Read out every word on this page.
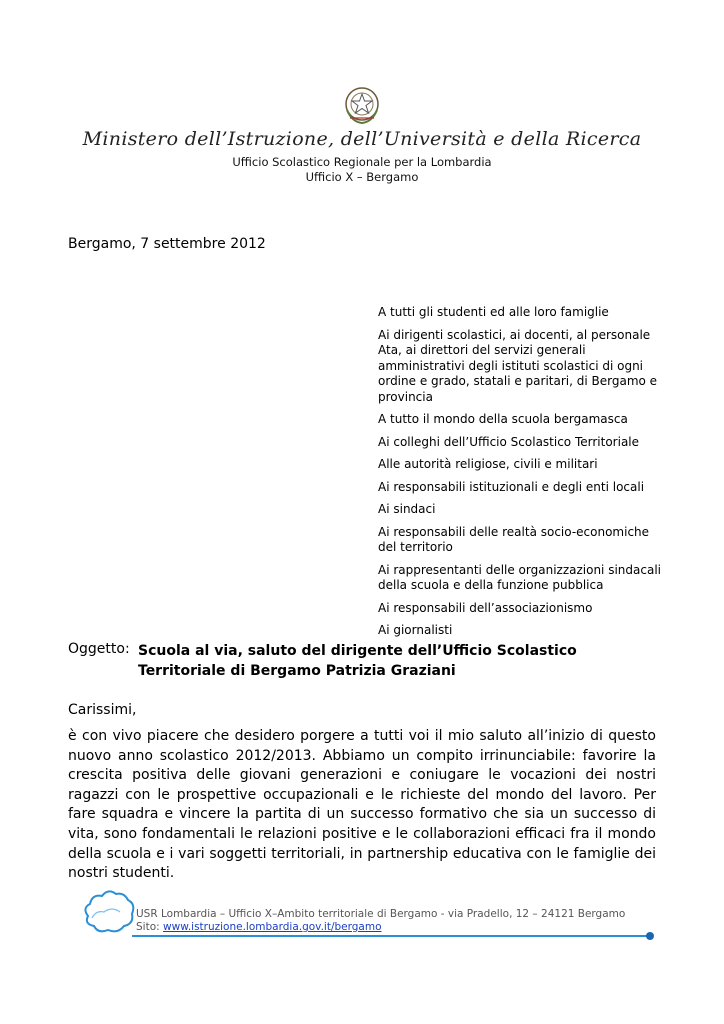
Ministero dell’Istruzione, dell’Università e della Ricerca
Ufficio Scolastico Regionale per la Lombardia
Ufficio X – Bergamo
Bergamo, 7 settembre 2012
A tutti gli studenti ed alle loro famiglie
Ai dirigenti scolastici, ai docenti, al personale Ata, ai direttori del servizi generali amministrativi degli istituti scolastici di ogni ordine e grado, statali e paritari, di Bergamo e provincia
A tutto il mondo della scuola bergamasca
Ai colleghi dell’Ufficio Scolastico Territoriale
Alle autorità religiose, civili e militari
Ai responsabili istituzionali e degli enti locali
Ai sindaci
Ai responsabili delle realtà socio-economiche del territorio
Ai rappresentanti delle organizzazioni sindacali della scuola e della funzione pubblica
Ai responsabili dell’associazionismo
Ai giornalisti
Oggetto: Scuola al via, saluto del dirigente dell’Ufficio Scolastico Territoriale di Bergamo Patrizia Graziani
Carissimi,
è con vivo piacere che desidero porgere a tutti voi il mio saluto all’inizio di questo nuovo anno scolastico 2012/2013. Abbiamo un compito irrinunciabile: favorire la crescita positiva delle giovani generazioni e coniugare le vocazioni dei nostri ragazzi con le prospettive occupazionali e le richieste del mondo del lavoro. Per fare squadra e vincere la partita di un successo formativo che sia un successo di vita, sono fondamentali le relazioni positive e le collaborazioni efficaci fra il mondo della scuola e i vari soggetti territoriali, in partnership educativa con le famiglie dei nostri studenti.
USR Lombardia – Ufficio X–Ambito territoriale di Bergamo - via Pradello, 12 – 24121 Bergamo
Sito: www.istruzione.lombardia.gov.it/bergamo
